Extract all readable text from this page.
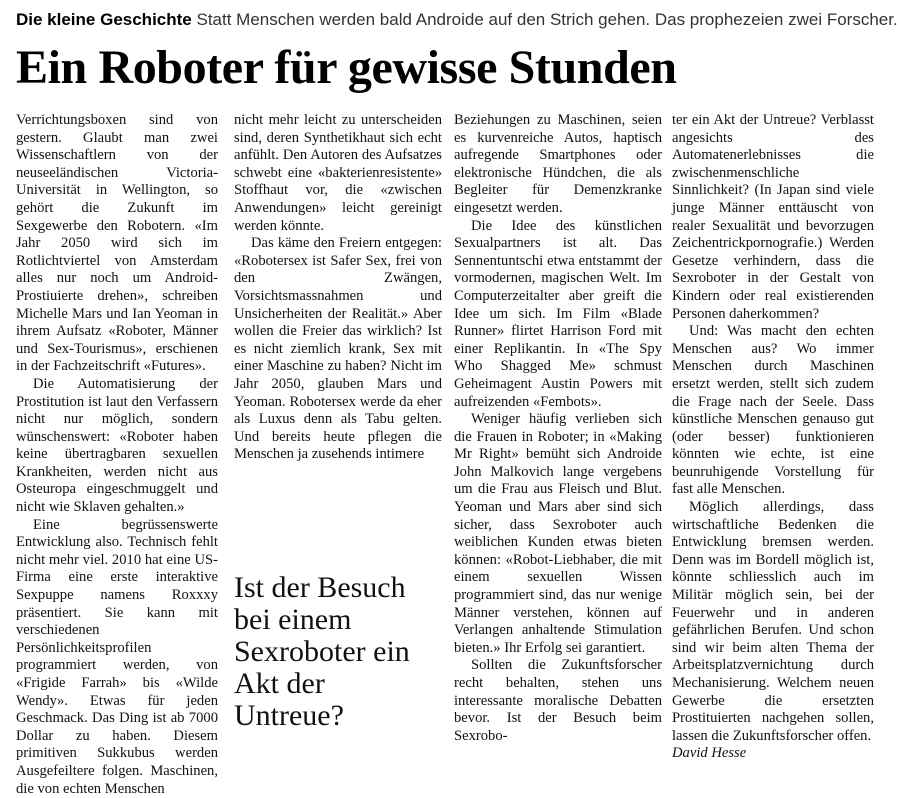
Die kleine Geschichte Statt Menschen werden bald Androide auf den Strich gehen. Das prophezeien zwei Forscher.
Ein Roboter für gewisse Stunden

Verrichtungsboxen sind von gestern. Glaubt man zwei Wissenschaftlern von der neuseeländischen Victoria-Universität in Wellington, so gehört die Zukunft im Sexgewerbe den Robotern. «Im Jahr 2050 wird sich im Rotlichtviertel von Amsterdam alles nur noch um Android-Prostiuierte drehen», schreiben Michelle Mars und Ian Yeoman in ihrem Aufsatz «Roboter, Männer und Sex-Tourismus», erschienen in der Fachzeitschrift «Futures».

Die Automatisierung der Prostitution ist laut den Verfassern nicht nur möglich, sondern wünschenswert: «Roboter haben keine übertragbaren sexuellen Krankheiten, werden nicht aus Osteuropa eingeschmuggelt und nicht wie Sklaven gehalten.»

Eine begrüssenswerte Entwicklung also. Technisch fehlt nicht mehr viel. 2010 hat eine US-Firma eine erste interaktive Sexpuppe namens Roxxxy präsentiert. Sie kann mit verschiedenen Persönlichkeitsprofilen programmiert werden, von «Frigide Farrah» bis «Wilde Wendy». Etwas für jeden Geschmack. Das Ding ist ab 7000 Dollar zu haben. Diesem primitiven Sukkubus werden Ausgefeiltere folgen. Maschinen, die von echten Menschen

nicht mehr leicht zu unterscheiden sind, deren Synthetikhaut sich echt anfühlt. Den Autoren des Aufsatzes schwebt eine «bakterienresistente» Stoffhaut vor, die «zwischen Anwendungen» leicht gereinigt werden könnte.

Das käme den Freiern entgegen: «Robotersex ist Safer Sex, frei von den Zwängen, Vorsichtsmassnahmen und Unsicherheiten der Realität.» Aber wollen die Freier das wirklich? Ist es nicht ziemlich krank, Sex mit einer Maschine zu haben? Nicht im Jahr 2050, glauben Mars und Yeoman. Robotersex werde da eher als Luxus denn als Tabu gelten. Und bereits heute pflegen die Menschen ja zusehends intimere

Ist der Besuch bei einem Sexroboter ein Akt der Untreue?

Beziehungen zu Maschinen, seien es kurvenreiche Autos, haptisch aufregende Smartphones oder elektronische Hündchen, die als Begleiter für Demenzkranke eingesetzt werden.

Die Idee des künstlichen Sexualpartners ist alt. Das Sennentuntschi etwa entstammt der vormodernen, magischen Welt. Im Computerzeitalter aber greift die Idee um sich. Im Film «Blade Runner» flirtet Harrison Ford mit einer Replikantin. In «The Spy Who Shagged Me» schmust Geheimagent Austin Powers mit aufreizenden «Fembots».

Weniger häufig verlieben sich die Frauen in Roboter; in «Making Mr Right» bemüht sich Androide John Malkovich lange vergebens um die Frau aus Fleisch und Blut. Yeoman und Mars aber sind sich sicher, dass Sexroboter auch weiblichen Kunden etwas bieten können: «Robot-Liebhaber, die mit einem sexuellen Wissen programmiert sind, das nur wenige Männer verstehen, können auf Verlangen anhaltende Stimulation bieten.» Ihr Erfolg sei garantiert.

Sollten die Zukunftsforscher recht behalten, stehen uns interessante moralische Debatten bevor. Ist der Besuch beim Sexrobo-

ter ein Akt der Untreue? Verblasst angesichts des Automatenerlebnisses die zwischenmenschliche Sinnlichkeit? (In Japan sind viele junge Männer enttäuscht von realer Sexualität und bevorzugen Zeichentrickpornografie.) Werden Gesetze verhindern, dass die Sexroboter in der Gestalt von Kindern oder real existierenden Personen daherkommen?

Und: Was macht den echten Menschen aus? Wo immer Menschen durch Maschinen ersetzt werden, stellt sich zudem die Frage nach der Seele. Dass künstliche Menschen genauso gut (oder besser) funktionieren könnten wie echte, ist eine beunruhigende Vorstellung für fast alle Menschen.

Möglich allerdings, dass wirtschaftliche Bedenken die Entwicklung bremsen werden. Denn was im Bordell möglich ist, könnte schliesslich auch im Militär möglich sein, bei der Feuerwehr und in anderen gefährlichen Berufen. Und schon sind wir beim alten Thema der Arbeitsplatzvernichtung durch Mechanisierung. Welchem neuen Gewerbe die ersetzten Prostituierten nachgehen sollen, lassen die Zukunftsforscher offen.

David Hesse
